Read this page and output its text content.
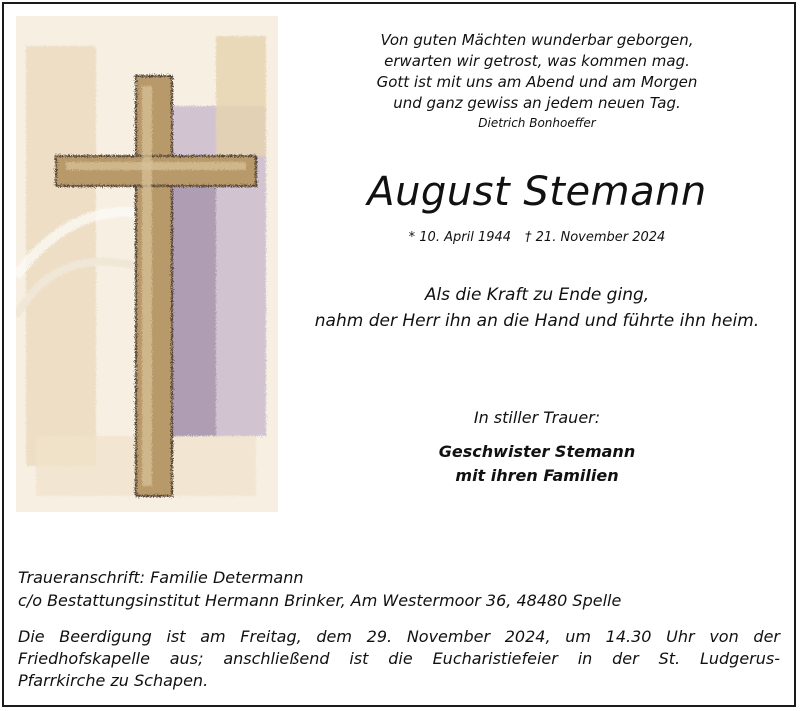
Von guten Mächten wunderbar geborgen,
erwarten wir getrost, was kommen mag.
Gott ist mit uns am Abend und am Morgen
und ganz gewiss an jedem neuen Tag.
Dietrich Bonhoeffer
August Stemann
* 10. April 1944 † 21. November 2024
Als die Kraft zu Ende ging,
nahm der Herr ihn an die Hand und führte ihn heim.
In stiller Trauer:
Geschwister Stemann
mit ihren Familien
Traueranschrift: Familie Determann
c/o Bestattungsinstitut Hermann Brinker, Am Westermoor 36, 48480 Spelle
Die Beerdigung ist am Freitag, dem 29. November 2024, um 14.30 Uhr von der
Friedhofskapelle aus; anschließend ist die Eucharistiefeier in der St. Ludgerus-
Pfarrkirche zu Schapen.
